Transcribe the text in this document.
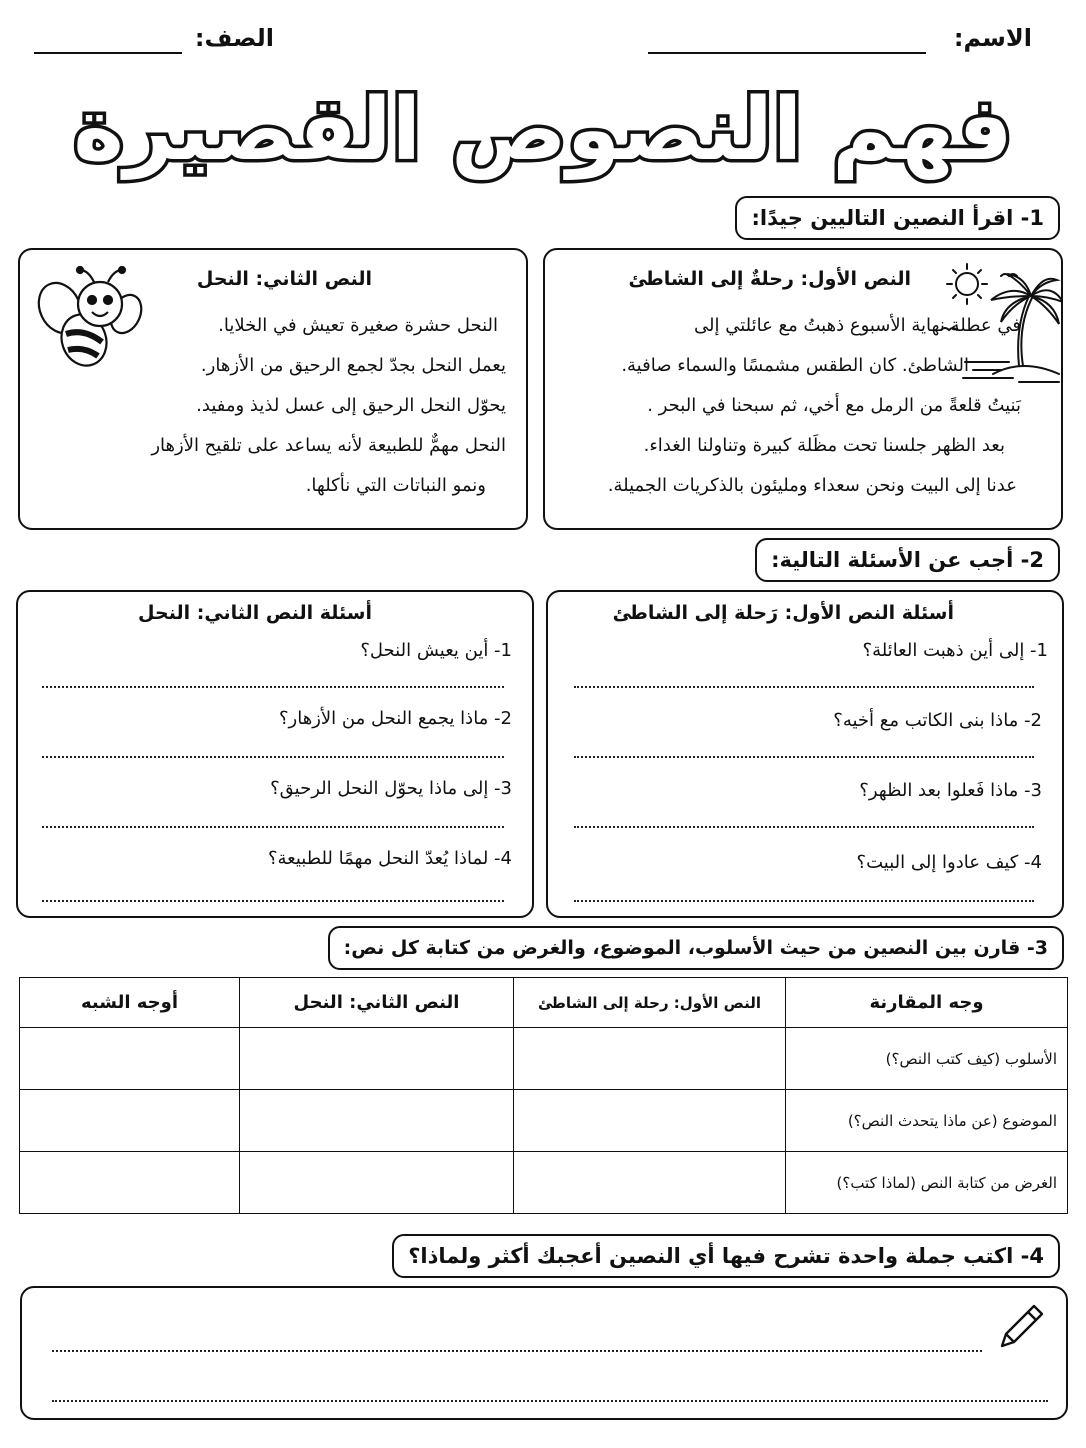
الاسم:
الصف:
فهم النصوص القصيرة
1- اقرأ النصين التاليين جيدًا:
النص الأول: رحلةٌ إلى الشاطئ
في عطلة نهاية الأسبوع ذهبتُ مع عائلتي إلى
الشاطئ. كان الطقس مشمسًا والسماء صافية.
بَنيتُ قلعةً من الرمل مع أخي، ثم سبحنا في البحر .
بعد الظهر جلسنا تحت مظَلة كبيرة وتناولنا الغداء.
عدنا إلى البيت ونحن سعداء ومليئون بالذكريات الجميلة.
النص الثاني: النحل
النحل حشرة صغيرة تعيش في الخلايا.
يعمل النحل بجدّ لجمع الرحيق من الأزهار.
يحوّل النحل الرحيق إلى عسل لذيذ ومفيد.
النحل مهمٌّ للطبيعة لأنه يساعد على تلقيح الأزهار
ونمو النباتات التي نأكلها.
2- أجب عن الأسئلة التالية:
أسئلة النص الأول: رَحلة إلى الشاطئ
1- إلى أين ذهبت العائلة؟
2- ماذا بنى الكاتب مع أخيه؟
3- ماذا فَعلوا بعد الظهر؟
4- كيف عادوا إلى البيت؟
أسئلة النص الثاني: النحل
1- أين يعيش النحل؟
2- ماذا يجمع النحل من الأزهار؟
3- إلى ماذا يحوّل النحل الرحيق؟
4- لماذا يُعدّ النحل مهمًا للطبيعة؟
3- قارن بين النصين من حيث الأسلوب، الموضوع، والغرض من كتابة كل نص:
وجه المقارنة	النص الأول: رحلة إلى الشاطئ	النص الثاني: النحل	أوجه الشبه
الأسلوب (كيف كتب النص؟)			
الموضوع (عن ماذا يتحدث النص؟)			
الغرض من كتابة النص (لماذا كتب؟)			
4- اكتب جملة واحدة تشرح فيها أي النصين أعجبك أكثر ولماذا؟
